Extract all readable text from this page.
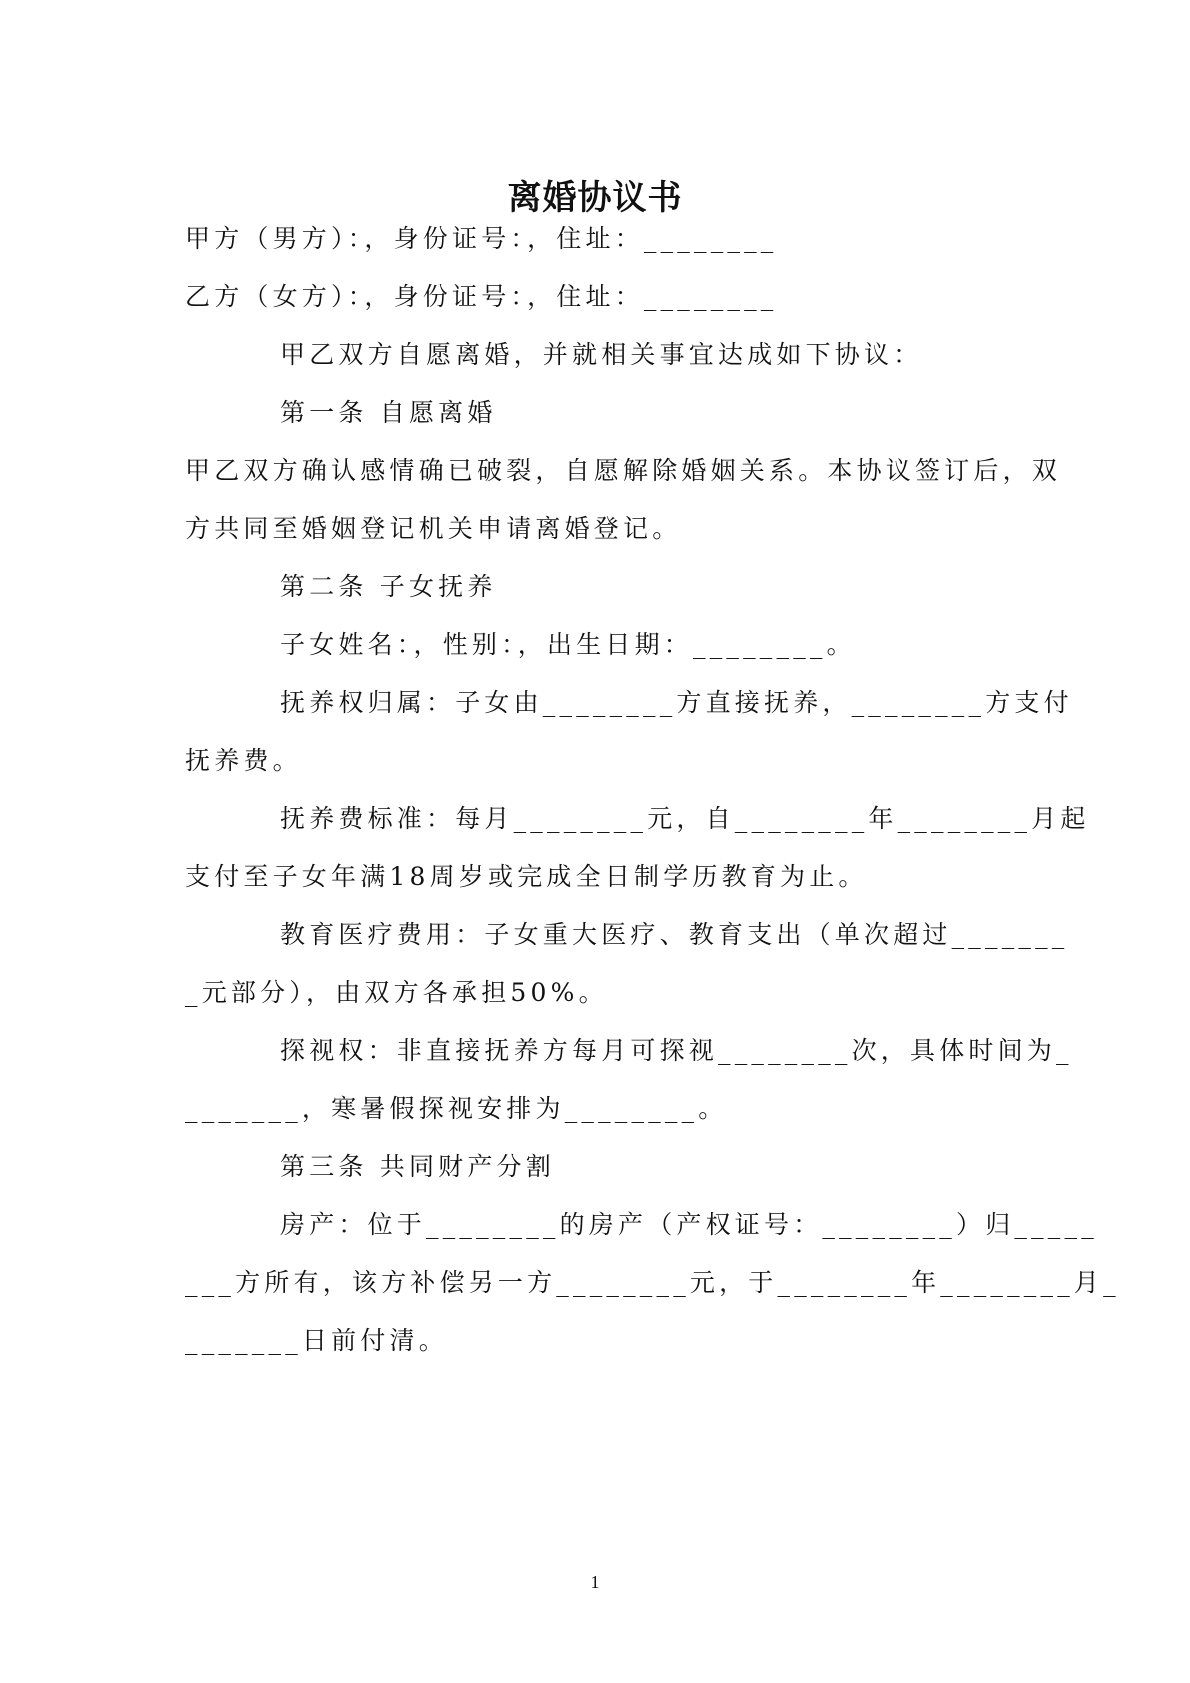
离婚协议书
甲方（男方）：，身份证号：，住址：________
乙方（女方）：，身份证号：，住址：________
甲乙双方自愿离婚，并就相关事宜达成如下协议：
第一条 自愿离婚
甲乙双方确认感情确已破裂，自愿解除婚姻关系。本协议签订后，双
方共同至婚姻登记机关申请离婚登记。
第二条 子女抚养
子女姓名：，性别：，出生日期：________。
抚养权归属：子女由________方直接抚养，________方支付
抚养费。
抚养费标准：每月________元，自________年________月起
支付至子女年满18周岁或完成全日制学历教育为止。
教育医疗费用：子女重大医疗、教育支出（单次超过_______
_元部分），由双方各承担50%。
探视权：非直接抚养方每月可探视________次，具体时间为_
_______，寒暑假探视安排为________。
第三条 共同财产分割
房产：位于________的房产（产权证号：________）归_____
___方所有，该方补偿另一方________元，于________年________月_
_______日前付清。
1
